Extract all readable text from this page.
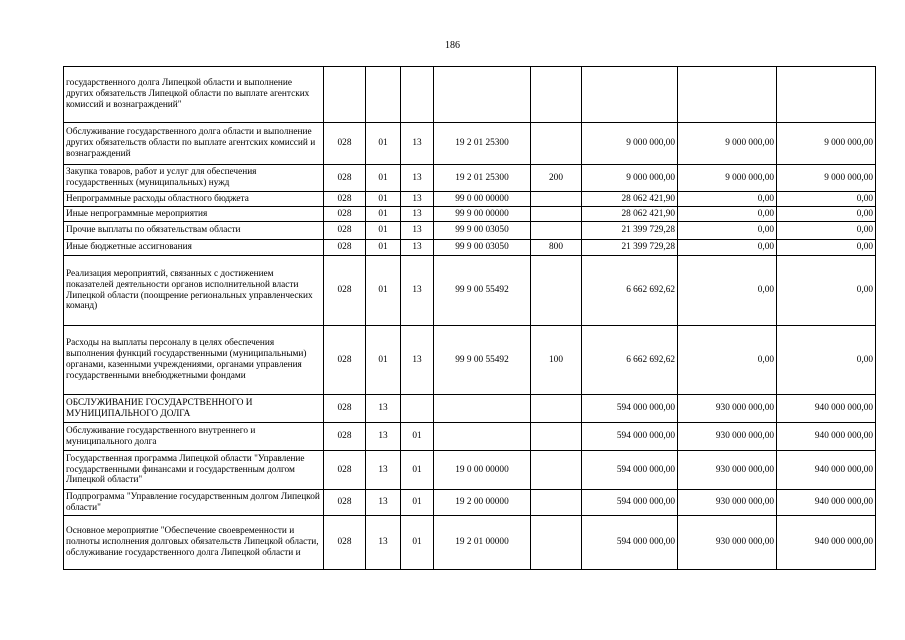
186
государственного долга Липецкой области и выполнение других обязательств Липецкой области по выплате агентских комиссий и вознаграждений"								
Обслуживание государственного долга области и выполнение других обязательств области по выплате агентских комиссий и вознаграждений	028	01	13	19 2 01 25300		9 000 000,00	9 000 000,00	9 000 000,00
Закупка товаров, работ и услуг для обеспечения государственных (муниципальных) нужд	028	01	13	19 2 01 25300	200	9 000 000,00	9 000 000,00	9 000 000,00
Непрограммные расходы областного бюджета	028	01	13	99 0 00 00000		28 062 421,90	0,00	0,00
Иные непрограммные мероприятия	028	01	13	99 9 00 00000		28 062 421,90	0,00	0,00
Прочие выплаты по обязательствам области	028	01	13	99 9 00 03050		21 399 729,28	0,00	0,00
Иные бюджетные ассигнования	028	01	13	99 9 00 03050	800	21 399 729,28	0,00	0,00
Реализация мероприятий, связанных с достижением показателей деятельности органов исполнительной власти Липецкой области (поощрение региональных управленческих команд)	028	01	13	99 9 00 55492		6 662 692,62	0,00	0,00
Расходы на выплаты персоналу в целях обеспечения выполнения функций государственными (муниципальными) органами, казенными учреждениями, органами управления государственными внебюджетными фондами	028	01	13	99 9 00 55492	100	6 662 692,62	0,00	0,00
ОБСЛУЖИВАНИЕ ГОСУДАРСТВЕННОГО И МУНИЦИПАЛЬНОГО ДОЛГА	028	13				594 000 000,00	930 000 000,00	940 000 000,00
Обслуживание государственного внутреннего и муниципального долга	028	13	01			594 000 000,00	930 000 000,00	940 000 000,00
Государственная программа Липецкой области "Управление государственными финансами и государственным долгом Липецкой области"	028	13	01	19 0 00 00000		594 000 000,00	930 000 000,00	940 000 000,00
Подпрограмма "Управление государственным долгом Липецкой области"	028	13	01	19 2 00 00000		594 000 000,00	930 000 000,00	940 000 000,00
Основное мероприятие "Обеспечение своевременности и полноты исполнения долговых обязательств Липецкой области, обслуживание государственного долга Липецкой области и	028	13	01	19 2 01 00000		594 000 000,00	930 000 000,00	940 000 000,00
